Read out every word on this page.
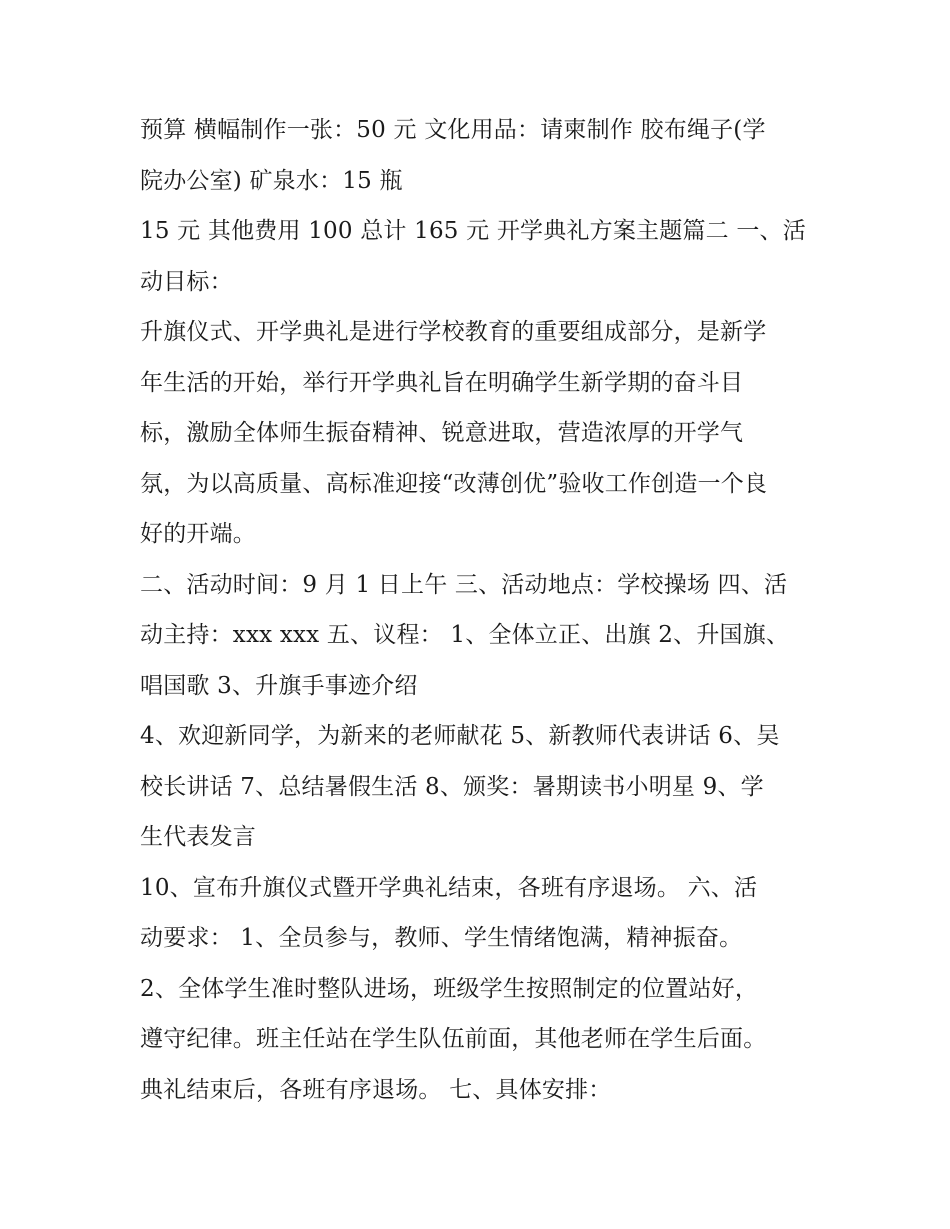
预算 横幅制作一张：50 元 文化用品：请柬制作 胶布绳子(学
院办公室) 矿泉水：15 瓶

15 元 其他费用 100 总计 165 元 开学典礼方案主题篇二 一、活
动目标：

升旗仪式、开学典礼是进行学校教育的重要组成部分，是新学
年生活的开始，举行开学典礼旨在明确学生新学期的奋斗目
标，激励全体师生振奋精神、锐意进取，营造浓厚的开学气
氛，为以高质量、高标准迎接“改薄创优”验收工作创造一个良
好的开端。

二、活动时间：9 月 1 日上午 三、活动地点：学校操场 四、活
动主持：xxx xxx 五、议程： 1、全体立正、出旗 2、升国旗、
唱国歌 3、升旗手事迹介绍

4、欢迎新同学，为新来的老师献花 5、新教师代表讲话 6、吴
校长讲话 7、总结暑假生活 8、颁奖：暑期读书小明星 9、学
生代表发言

10、宣布升旗仪式暨开学典礼结束，各班有序退场。 六、活
动要求： 1、全员参与，教师、学生情绪饱满，精神振奋。

2、全体学生准时整队进场，班级学生按照制定的位置站好，
遵守纪律。班主任站在学生队伍前面，其他老师在学生后面。
典礼结束后，各班有序退场。 七、具体安排：
